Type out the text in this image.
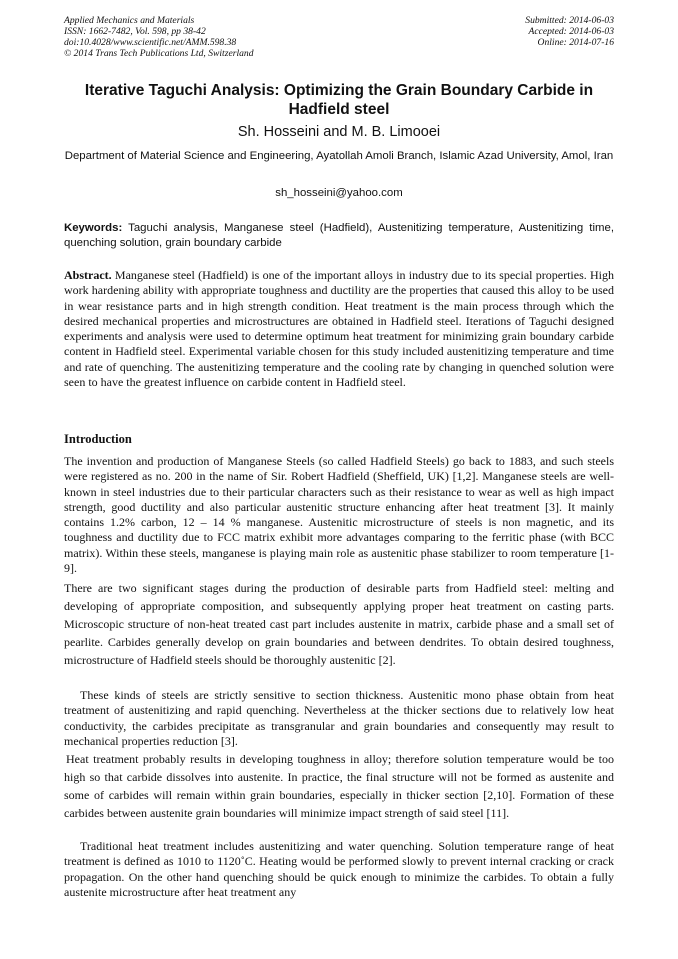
Applied Mechanics and Materials
ISSN: 1662-7482, Vol. 598, pp 38-42
doi:10.4028/www.scientific.net/AMM.598.38
© 2014 Trans Tech Publications Ltd, Switzerland
Submitted: 2014-06-03
Accepted: 2014-06-03
Online: 2014-07-16
Iterative Taguchi Analysis: Optimizing the Grain Boundary Carbide in Hadfield steel
Sh. Hosseini and M. B. Limooei
Department of Material Science and Engineering, Ayatollah Amoli Branch, Islamic Azad University, Amol, Iran
sh_hosseini@yahoo.com
Keywords: Taguchi analysis, Manganese steel (Hadfield), Austenitizing temperature, Austenitizing time, quenching solution, grain boundary carbide
Abstract. Manganese steel (Hadfield) is one of the important alloys in industry due to its special properties. High work hardening ability with appropriate toughness and ductility are the properties that caused this alloy to be used in wear resistance parts and in high strength condition. Heat treatment is the main process through which the desired mechanical properties and microstructures are obtained in Hadfield steel. Iterations of Taguchi designed experiments and analysis were used to determine optimum heat treatment for minimizing grain boundary carbide content in Hadfield steel. Experimental variable chosen for this study included austenitizing temperature and time and rate of quenching. The austenitizing temperature and the cooling rate by changing in quenched solution were seen to have the greatest influence on carbide content in Hadfield steel.
Introduction
The invention and production of Manganese Steels (so called Hadfield Steels) go back to 1883, and such steels were registered as no. 200 in the name of Sir. Robert Hadfield (Sheffield, UK) [1,2]. Manganese steels are well-known in steel industries due to their particular characters such as their resistance to wear as well as high impact strength, good ductility and also particular austenitic structure enhancing after heat treatment [3]. It mainly contains 1.2% carbon, 12 – 14 % manganese. Austenitic microstructure of steels is non magnetic, and its toughness and ductility due to FCC matrix exhibit more advantages comparing to the ferritic phase (with BCC matrix). Within these steels, manganese is playing main role as austenitic phase stabilizer to room temperature [1-9].
There are two significant stages during the production of desirable parts from Hadfield steel: melting and developing of appropriate composition, and subsequently applying proper heat treatment on casting parts. Microscopic structure of non-heat treated cast part includes austenite in matrix, carbide phase and a small set of pearlite. Carbides generally develop on grain boundaries and between dendrites. To obtain desired toughness, microstructure of Hadfield steels should be thoroughly austenitic [2].
These kinds of steels are strictly sensitive to section thickness. Austenitic mono phase obtain from heat treatment of austenitizing and rapid quenching. Nevertheless at the thicker sections due to relatively low heat conductivity, the carbides precipitate as transgranular and grain boundaries and consequently may result to mechanical properties reduction [3].
Heat treatment probably results in developing toughness in alloy; therefore solution temperature would be too high so that carbide dissolves into austenite. In practice, the final structure will not be formed as austenite and some of carbides will remain within grain boundaries, especially in thicker section [2,10]. Formation of these carbides between austenite grain boundaries will minimize impact strength of said steel [11].
Traditional heat treatment includes austenitizing and water quenching. Solution temperature range of heat treatment is defined as 1010 to 1120˚C. Heating would be performed slowly to prevent internal cracking or crack propagation. On the other hand quenching should be quick enough to minimize the carbides. To obtain a fully austenite microstructure after heat treatment any
